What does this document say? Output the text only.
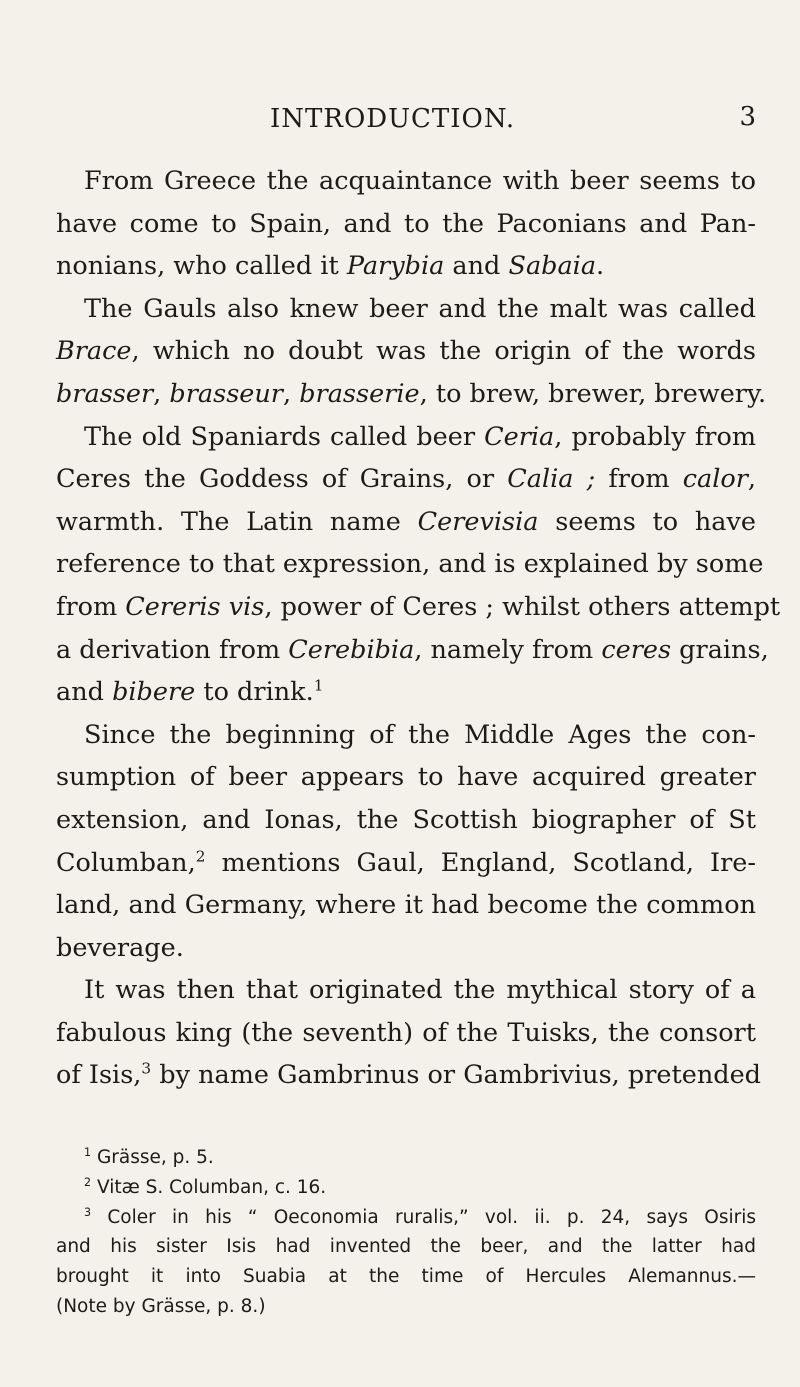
INTRODUCTION.	3
From Greece the acquaintance with beer seems to
have come to Spain, and to the Paconians and Pan-
nonians, who called it Parybia and Sabaia.
The Gauls also knew beer and the malt was called
Brace, which no doubt was the origin of the words
brasser, brasseur, brasserie, to brew, brewer, brewery.
The old Spaniards called beer Ceria, probably from
Ceres the Goddess of Grains, or Calia ; from calor,
warmth. The Latin name Cerevisia seems to have
reference to that expression, and is explained by some
from Cereris vis, power of Ceres ; whilst others attempt
a derivation from Cerebibia, namely from ceres grains,
and bibere to drink.$^1$
Since the beginning of the Middle Ages the con-
sumption of beer appears to have acquired greater
extension, and Ionas, the Scottish biographer of St
Columban,$^2$ mentions Gaul, England, Scotland, Ire-
land, and Germany, where it had become the common
beverage.
It was then that originated the mythical story of a
fabulous king (the seventh) of the Tuisks, the consort
of Isis,$^3$ by name Gambrinus or Gambrivius, pretended
$^1$ Grässe, p. 5.
$^2$ Vitæ S. Columban, c. 16.
$^3$ Coler in his “ Oeconomia ruralis,” vol. ii. p. 24, says Osiris
and his sister Isis had invented the beer, and the latter had
brought it into Suabia at the time of Hercules Alemannus.—
(Note by Grässe, p. 8.)
